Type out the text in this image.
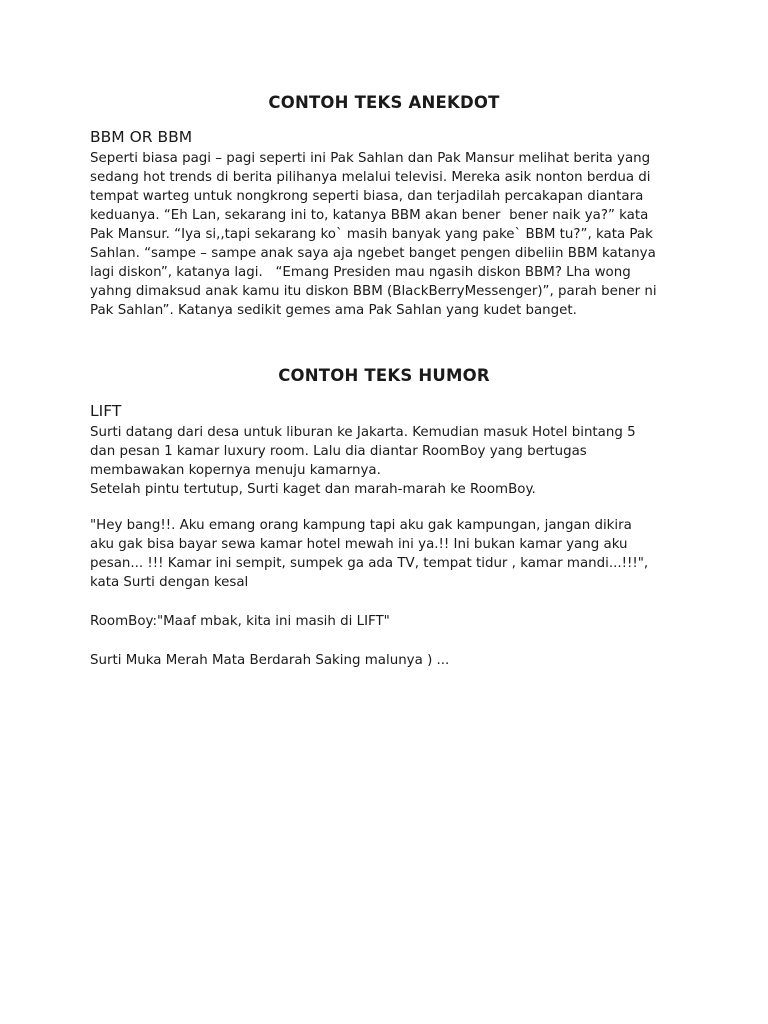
CONTOH TEKS ANEKDOT
BBM OR BBM

Seperti biasa pagi – pagi seperti ini Pak Sahlan dan Pak Mansur melihat berita yang
sedang hot trends di berita pilihanya melalui televisi. Mereka asik nonton berdua di
tempat warteg untuk nongkrong seperti biasa, dan terjadilah percakapan diantara
keduanya. “Eh Lan, sekarang ini to, katanya BBM akan bener  bener naik ya?” kata
Pak Mansur. “Iya si,,tapi sekarang ko` masih banyak yang pake` BBM tu?”, kata Pak
Sahlan. “sampe – sampe anak saya aja ngebet banget pengen dibeliin BBM katanya
lagi diskon”, katanya lagi.   “Emang Presiden mau ngasih diskon BBM? Lha wong
yahng dimaksud anak kamu itu diskon BBM (BlackBerryMessenger)”, parah bener ni
Pak Sahlan”. Katanya sedikit gemes ama Pak Sahlan yang kudet banget.

CONTOH TEKS HUMOR
LIFT

Surti datang dari desa untuk liburan ke Jakarta. Kemudian masuk Hotel bintang 5
dan pesan 1 kamar luxury room. Lalu dia diantar RoomBoy yang bertugas
membawakan kopernya menuju kamarnya.
Setelah pintu tertutup, Surti kaget dan marah-marah ke RoomBoy.

"Hey bang!!. Aku emang orang kampung tapi aku gak kampungan, jangan dikira
aku gak bisa bayar sewa kamar hotel mewah ini ya.!! Ini bukan kamar yang aku
pesan... !!! Kamar ini sempit, sumpek ga ada TV, tempat tidur , kamar mandi...!!!",
kata Surti dengan kesal

RoomBoy:"Maaf mbak, kita ini masih di LIFT"

Surti Muka Merah Mata Berdarah Saking malunya ) ...
